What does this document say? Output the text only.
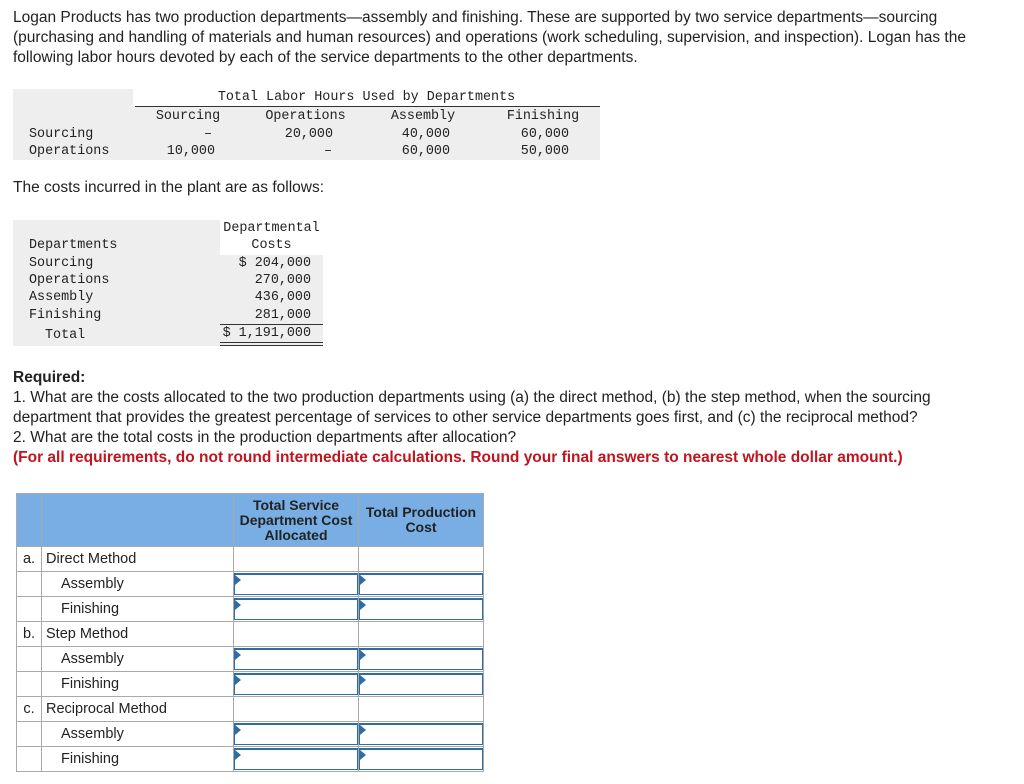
Logan Products has two production departments—assembly and finishing. These are supported by two service departments—sourcing (purchasing and handling of materials and human resources) and operations (work scheduling, supervision, and inspection). Logan has the following labor hours devoted by each of the service departments to the other departments.

Total Labor Hours Used by Departments
Sourcing	Operations	Assembly	Finishing
Sourcing	–	20,000	40,000	60,000
Operations	10,000	–	60,000	50,000

The costs incurred in the plant are as follows:

Departmental
Costs
Departments
Sourcing	$ 204,000
Operations	270,000
Assembly	436,000
Finishing	281,000
Total	$ 1,191,000
Required:
1. What are the costs allocated to the two production departments using (a) the direct method, (b) the step method, when the sourcing department that provides the greatest percentage of services to other service departments goes first, and (c) the reciprocal method?
2. What are the total costs in the production departments after allocation?
(For all requirements, do not round intermediate calculations. Round your final answers to nearest whole dollar amount.)
		Total Service Department Cost Allocated	Total Production Cost
a.	Direct Method		
	Assembly	

	Finishing	

b.	Step Method		
	Assembly	

	Finishing	

c.	Reciprocal Method		
	Assembly	

	Finishing	
